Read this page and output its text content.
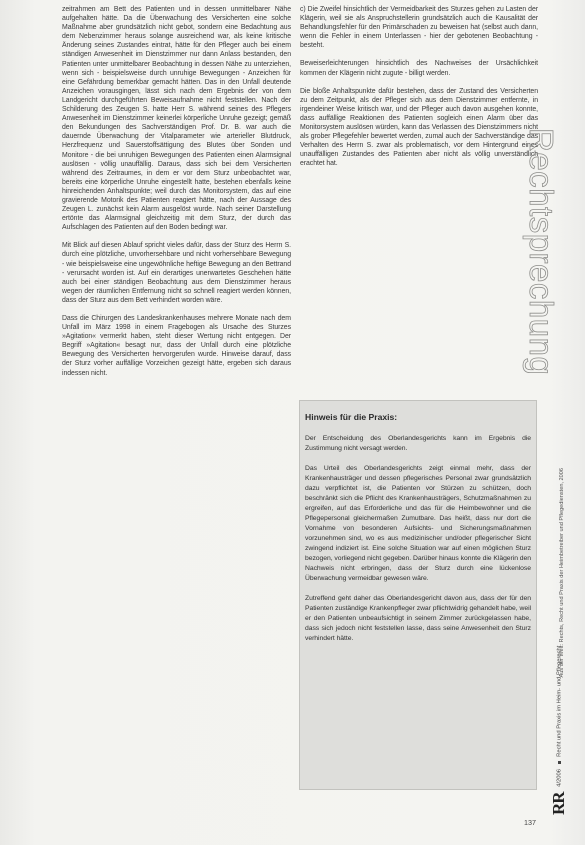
zeitrahmen am Bett des Patienten und in dessen unmittelbarer Nähe aufgehalten hätte. Da die Überwachung des Versicherten eine solche Maßnahme aber grundsätzlich nicht gebot, sondern eine Bedachtung aus dem Nebenzimmer heraus solange ausreichend war, als keine kritische Änderung seines Zustandes eintrat, hätte für den Pfleger auch bei einem ständigen Anwesenheit im Dienstzimmer nur dann Anlass bestanden, den Patienten unter unmittelbarer Beobachtung in dessen Nähe zu unterziehen, wenn sich - beispielsweise durch unruhige Bewegungen - Anzeichen für eine Gefährdung bemerkbar gemacht hätten. Das in den Unfall deutende Anzeichen vorausgingen, lässt sich nach dem Ergebnis der von dem Landgericht durchgeführten Beweisaufnahme nicht feststellen. Nach der Schilderung des Zeugen S. hatte Herr S. während seines des Pflegers Anwesenheit im Dienstzimmer keinerlei körperliche Unruhe gezeigt; gemäß den Bekundungen des Sachverständigen Prof. Dr. B. war auch die dauernde Überwachung der Vitalparameter wie arterieller Blutdruck, Herzfrequenz und Sauerstoffsättigung des Blutes über Sonden und Monitore - die bei unruhigen Bewegungen des Patienten einen Alarmsignal auslösen - völlig unauffällig. Daraus, dass sich bei dem Versicherten während des Zeitraumes, in dem er vor dem Sturz unbeobachtet war, bereits eine körperliche Unruhe eingestellt hatte, bestehen ebenfalls keine hinreichenden Anhaltspunkte; weil durch das Monitorsystem, das auf eine gravierende Motorik des Patienten reagiert hätte, nach der Aussage des Zeugen L. zunächst kein Alarm ausgelöst wurde. Nach seiner Darstellung ertönte das Alarmsignal gleichzeitig mit dem Sturz, der durch das Aufschlagen des Patienten auf den Boden bedingt war.

Mit Blick auf diesen Ablauf spricht vieles dafür, dass der Sturz des Herrn S. durch eine plötzliche, unvorhersehbare und nicht vorhersehbare Bewegung - wie beispielsweise eine ungewöhnliche heftige Bewegung an den Bettrand - verursacht worden ist. Auf ein derartiges unerwartetes Geschehen hätte auch bei einer ständigen Beobachtung aus dem Dienstzimmer heraus wegen der räumlichen Entfernung nicht so schnell reagiert werden können, dass der Sturz aus dem Bett verhindert worden wäre.

Dass die Chirurgen des Landeskrankenhauses mehrere Monate nach dem Unfall im März 1998 in einem Fragebogen als Ursache des Sturzes »Agitation« vermerkt haben, steht dieser Wertung nicht entgegen. Der Begriff »Agitation« besagt nur, dass der Unfall durch eine plötzliche Bewegung des Versicherten hervorgerufen wurde. Hinweise darauf, dass der Sturz vorher auffällige Vorzeichen gezeigt hätte, ergeben sich daraus indessen nicht.

c) Die Zweifel hinsichtlich der Vermeidbarkeit des Sturzes gehen zu Lasten der Klägerin, weil sie als Anspruchstellerin grundsätzlich auch die Kausalität der Behandlungsfehler für den Primärschaden zu beweisen hat (selbst auch dann, wenn die Fehler in einem Unterlassen - hier der gebotenen Beobachtung - besteht.

Beweiserleichterungen hinsichtlich des Nachweises der Ursächlichkeit kommen der Klägerin nicht zugute - billigt werden.

Die bloße Anhaltspunkte dafür bestehen, dass der Zustand des Versicherten zu dem Zeitpunkt, als der Pfleger sich aus dem Dienstzimmer entfernte, in irgendeiner Weise kritisch war, und der Pfleger auch davon ausgehen konnte, dass auffällige Reaktionen des Patienten sogleich einen Alarm über das Monitorsystem auslösen würden, kann das Verlassen des Dienstzimmers nicht als grober Pflegefehler bewertet werden, zumal auch der Sachverständige das Verhalten des Herrn S. zwar als problematisch, vor dem Hintergrund eines unauffälligen Zustandes des Patienten aber nicht als völlig unverständlich erachtet hat.

Hinweis für die Praxis:

Der Entscheidung des Oberlandesgerichts kann im Ergebnis die Zustimmung nicht versagt werden.

Das Urteil des Oberlandesgerichts zeigt einmal mehr, dass der Krankenhausträger und dessen pflegerisches Personal zwar grundsätzlich dazu verpflichtet ist, die Patienten vor Stürzen zu schützen, doch beschränkt sich die Pflicht des Krankenhausträgers, Schutzmaßnahmen zu ergreifen, auf das Erforderliche und das für die Heimbewohner und die Pflegepersonal gleichermaßen Zumutbare. Das heißt, dass nur dort die Vornahme von besonderen Aufsichts- und Sicherungsmaßnahmen vorzunehmen sind, wo es aus medizinischer und/oder pflegerischer Sicht zwingend indiziert ist. Eine solche Situation war auf einen möglichen Sturz bezogen, vorliegend nicht gegeben. Darüber hinaus konnte die Klägerin den Nachweis nicht erbringen, dass der Sturz durch eine lückenlose Überwachung vermeidbar gewesen wäre.

Zutreffend geht daher das Oberlandesgericht davon aus, dass der für den Patienten zuständige Krankenpfleger zwar pflichtwidrig gehandelt habe, weil er den Patienten unbeaufsichtigt in seinem Zimmer zurückgelassen habe, dass sich jedoch nicht feststellen lasse, dass seine Anwesenheit den Sturz verhindert hätte.

Rechtsprechung
Aus der Welt: Rechts, Recht und Praxis der Heimbetreiber und Pflegediensten, 2006
RR 4/2006  Recht und Praxis im Heim- und Pflegerecht
137
